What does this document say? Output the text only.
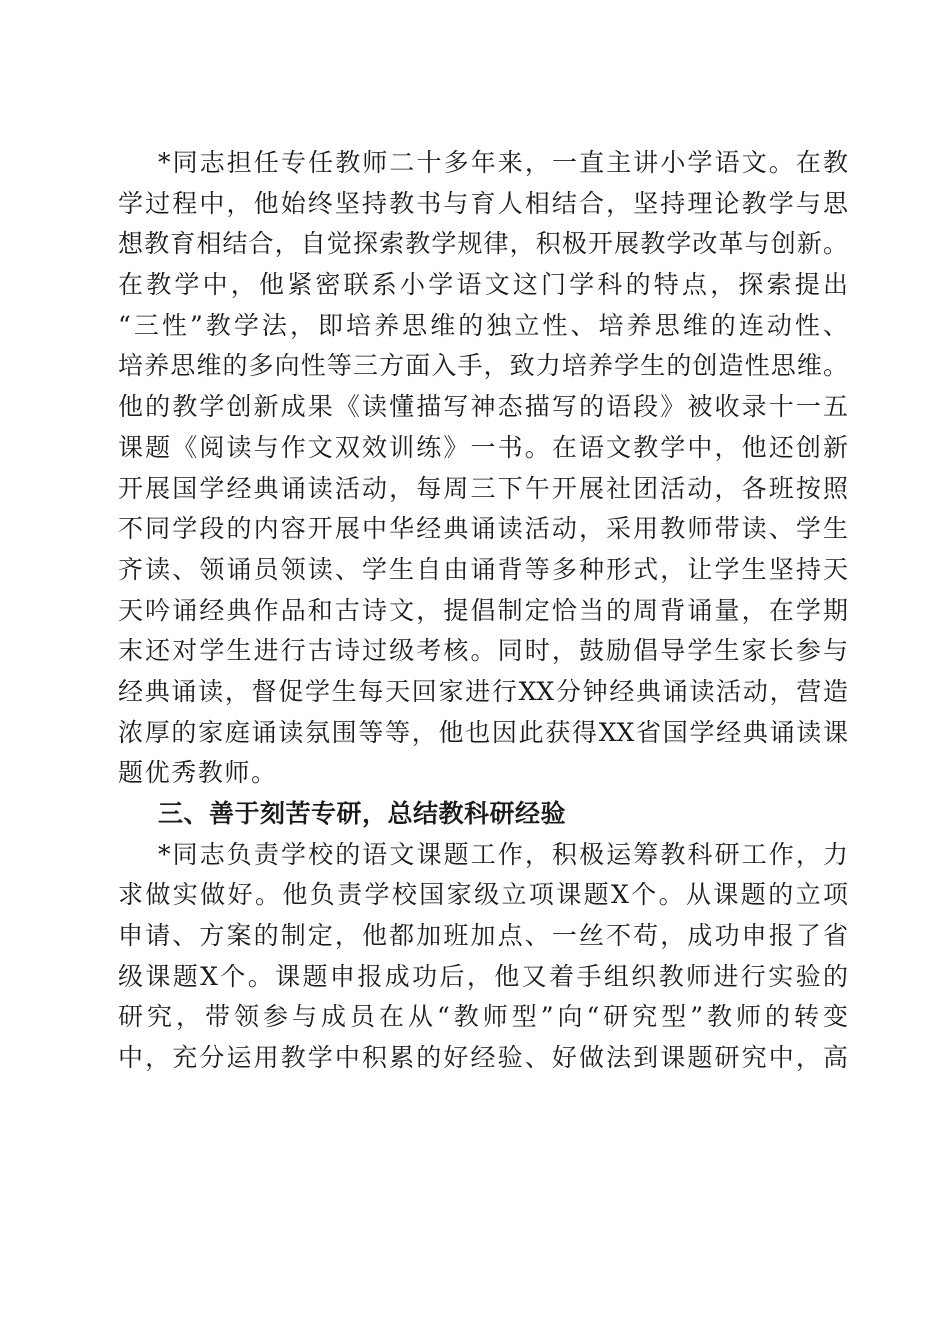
*同志担任专任教师二十多年来，一直主讲小学语文。在教
学过程中，他始终坚持教书与育人相结合，坚持理论教学与思
想教育相结合，自觉探索教学规律，积极开展教学改革与创新。
在教学中，他紧密联系小学语文这门学科的特点，探索提出
“三性”教学法，即培养思维的独立性、培养思维的连动性、
培养思维的多向性等三方面入手，致力培养学生的创造性思维。
他的教学创新成果《读懂描写神态描写的语段》被收录十一五
课题《阅读与作文双效训练》一书。在语文教学中，他还创新
开展国学经典诵读活动，每周三下午开展社团活动，各班按照
不同学段的内容开展中华经典诵读活动，采用教师带读、学生
齐读、领诵员领读、学生自由诵背等多种形式，让学生坚持天
天吟诵经典作品和古诗文，提倡制定恰当的周背诵量，在学期
末还对学生进行古诗过级考核。同时，鼓励倡导学生家长参与
经典诵读，督促学生每天回家进行XX分钟经典诵读活动，营造
浓厚的家庭诵读氛围等等，他也因此获得XX省国学经典诵读课
题优秀教师。
三、善于刻苦专研，总结教科研经验
*同志负责学校的语文课题工作，积极运筹教科研工作，力
求做实做好。他负责学校国家级立项课题X个。从课题的立项
申请、方案的制定，他都加班加点、一丝不苟，成功申报了省
级课题X个。课题申报成功后，他又着手组织教师进行实验的
研究，带领参与成员在从“教师型”向“研究型”教师的转变
中，充分运用教学中积累的好经验、好做法到课题研究中，高
